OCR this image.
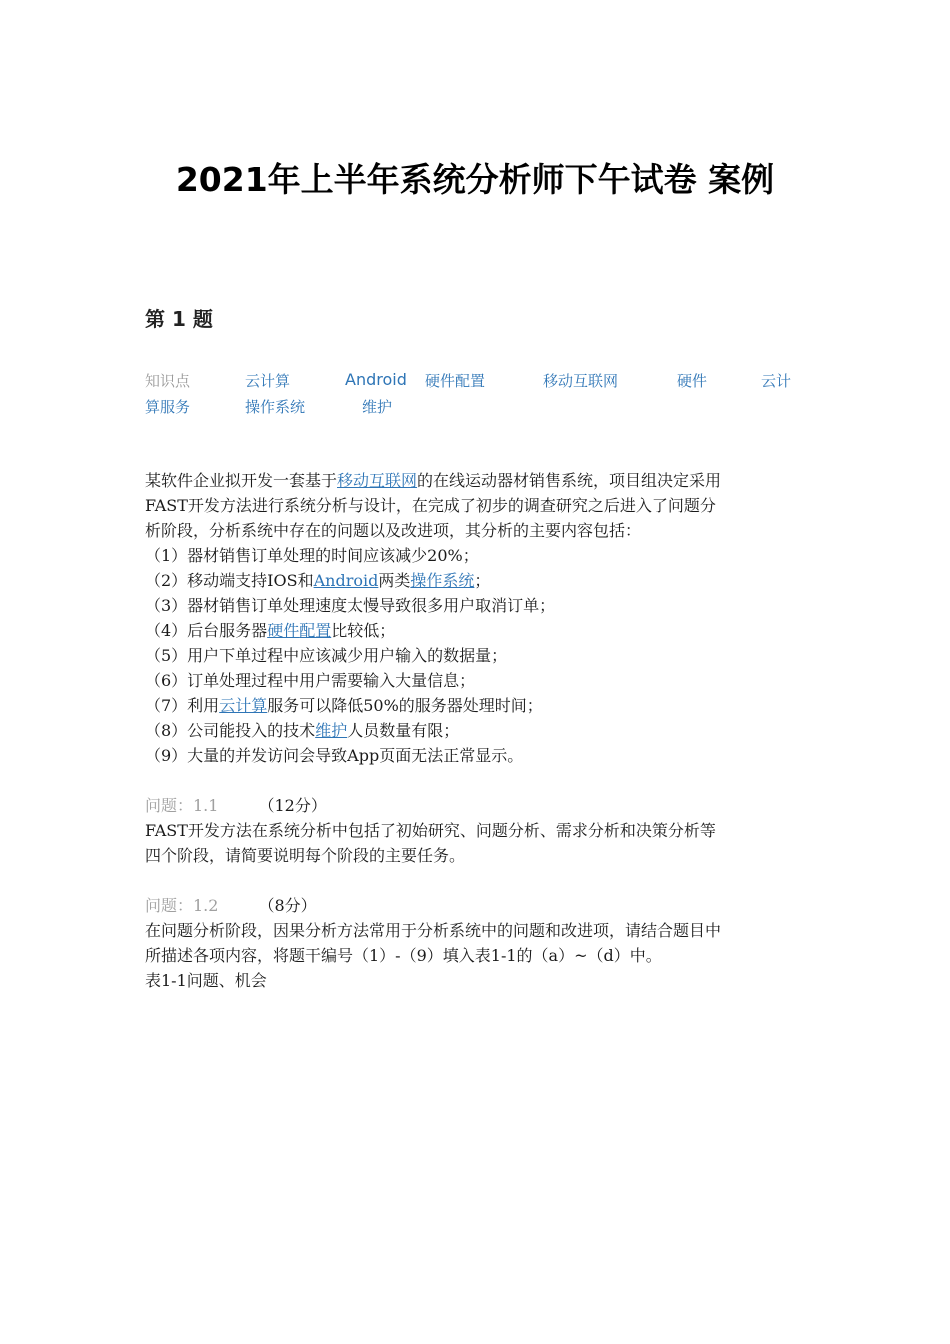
2021年上半年系统分析师下午试卷 案例
第 1 题
知识点	云计算	Android 硬件配置	移动互联网	硬件	云计
算服务	操作系统	维护
某软件企业拟开发一套基于移动互联网的在线运动器材销售系统，项目组决定采用
FAST开发方法进行系统分析与设计，在完成了初步的调查研究之后进入了问题分
析阶段，分析系统中存在的问题以及改进项，其分析的主要内容包括：
（1）器材销售订单处理的时间应该减少20%；
（2）移动端支持IOS和Android两类操作系统；
（3）器材销售订单处理速度太慢导致很多用户取消订单；
（4）后台服务器硬件配置比较低；
（5）用户下单过程中应该减少用户输入的数据量；
（6）订单处理过程中用户需要输入大量信息；
（7）利用云计算服务可以降低50%的服务器处理时间；
（8）公司能投入的技术维护人员数量有限；
（9）大量的并发访问会导致App页面无法正常显示。
问题：1.1	（12分）
FAST开发方法在系统分析中包括了初始研究、问题分析、需求分析和决策分析等
四个阶段，请简要说明每个阶段的主要任务。
问题：1.2	（8分）
在问题分析阶段，因果分析方法常用于分析系统中的问题和改进项，请结合题目中
所描述各项内容，将题干编号（1）-（9）填入表1-1的（a）~（d）中。
表1-1问题、机会
